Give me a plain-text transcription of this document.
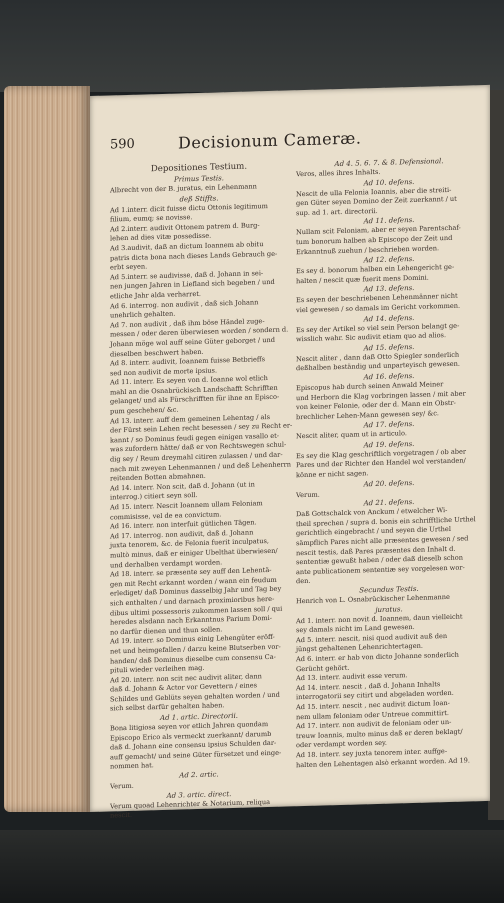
590	Decisionum Cameræ.
Depositiones Testium.
Primus Testis.
Albrecht von der B. juratus, ein Lehenmann
deß Stiffts.
Ad 1.interr. dicit fuisse dictu Ottonis legitimum
filium, eumq; se novisse.
Ad 2.interr. audivit Ottonem patrem d. Burg-
lehen ad dies vitæ possedisse.
Ad 3.audivit, daß an dictum Ioannem ab obitu
patris dicta bona nach dieses Lands Gebrauch ge-
erbt seyen.
Ad 5.interr. se audivisse, daß d. Johann in sei-
nen jungen Jahren in Liefland sich begeben / und
etliche Jahr alda verharret.
Ad 6. interrog. non audivit , daß sich Johann
unehrlich gehalten.
Ad 7. non audivit , daß ihm böse Händel zuge-
messen / oder deren überwiesen worden / sondern d.
Johann möge wol auff seine Güter geborget / und
dieselben beschwert haben.
Ad 8. interr. audivit, Ioannem fuisse Betbrieffs
sed non audivit de morte ipsius.
Ad 11. interr. Es seyen von d. Ioanne wol etlich
mahl an die Osnabrückisch Landschafft Schrifften
gelanget/ und als Fürschrifften für ihne an Episco-
pum geschehen/ &c.
Ad 13. interr. auff dem gemeinen Lehentag / als
der Fürst sein Lehen recht besessen / sey zu Recht er-
kannt / so Dominus feudi gegen einigen vasallo et-
was zufordern hätte/ daß er von Rechtswegen schul-
dig sey / Reum dreymahl citiren zulassen / und dar-
nach mit zweyen Lehenmannen / und deß Lehenherrn
reitenden Botten abmahnen.
Ad 14. interr. Non scit, daß d. Johann (ut in
interrog.) citiert seyn soll.
Ad 15. interr. Nescit Ioannem ullam Feloniam
commisisse, vel de ea convictum.
Ad 16. interr. non interfuit gütlichen Tägen.
Ad 17. interrog. non audivit, daß d. Johann
juxta tenorem, &c. de Felonia fuerit inculpatus,
multò minus, daß er einiger Ubelthat überwiesen/
und derhalben verdampt worden.
Ad 18. interr. se præsente sey auff den Lehentä-
gen mit Recht erkannt worden / wann ein feudum
erlediget/ daß Dominus dasselbig Jahr und Tag bey
sich enthalten / und darnach proximioribus here-
dibus ultimi possessoris zukommen lassen soll / qui
heredes alsdann nach Erkanntnus Parium Domi-
no darfür dienen und thun sollen.
Ad 19. interr. so Dominus einig Lehengüter eröff-
net und heimgefallen / darzu keine Blutserben vor-
handen/ daß Dominus dieselbe cum consensu Ca-
pituli wieder verleihen mag.
Ad 20. interr. non scit nec audivit aliter, dann
daß d. Johann & Actor vor Gevettern / eines
Schildes und Geblüts seyen gehalten worden / und
sich selbst darfür gehalten haben.
Ad 1. artic. Directorii.
Bona litigiosa seyen vor etlich Jahren quondam
Episcopo Erico als vermeckt zuerkannt/ darumb
daß d. Johann eine consensu ipsius Schulden dar-
auff gemacht/ und seine Güter fürsetzet und einge-
nommen hat.
Ad 2. artic.
Verum.
Ad 3. artic. direct.
Verum quoad Lehenrichter & Notarium, reliqua
nescit.
Ad 4. 5. 6. 7. & 8. Defensional.
Veros, alles ihres Inhalts.
Ad 10. defens.
Nescit de ulla Felonia Ioannis, aber die streiti-
gen Güter seyen Domino der Zeit zuerkannt / ut
sup. ad 1. art. directorii.
Ad 11. defens.
Nullam scit Feloniam, aber er seyen Parentschaf-
tum bonorum halben ab Episcopo der Zeit und
Erkanntnuß zuehun / beschrieben worden.
Ad 12. defens.
Es sey d. bonorum halben ein Lehengericht ge-
halten / nescit quæ fuerit mens Domini.
Ad 13. defens.
Es seyen der beschriebenen Lehenmänner nicht
viel gewesen / so damals im Gericht vorkommen.
Ad 14. defens.
Es sey der Artikel so viel sein Person belangt ge-
wisslich wahr. Sic audivit etiam quo ad alios.
Ad 15. defens.
Nescit aliter , dann daß Otto Spiegler sonderlich
deßhalben beständig und unparteyisch gewesen.
Ad 16. defens.
Episcopus hab durch seinen Anwald Meiner
und Herborn die Klag vorbringen lassen / mit aber
von keiner Felonie, oder der d. Mann ein Obstr-
brechlicher Lehen-Mann gewesen sey/ &c.
Ad 17. defens.
Nescit aliter, quam ut in articulo.
Ad 19. defens.
Es sey die Klag geschriftlich vorgetragen / ob aber
Pares und der Richter den Handel wol verstanden/
könne er nicht sagen.
Ad 20. defens.
Verum.
Ad 21. defens.
Daß Gottschalck von Anckum / etwelcher Wi-
theil sprechen / supra d. bonis ein schrifftliche Urthel
gerichtlich eingebracht / und seyen die Urthel
sämpflich Pares nicht alle præsentes gewesen / sed
nescit testis, daß Pares præsentes den Inhalt d.
sententiæ gewußt haben / oder daß dieselb schon
ante publicationem sententiæ sey vorgelesen wor-
den.
Secundus Testis.
Henrich von L. Osnabrückischer Lehenmanne
juratus.
Ad 1. interr. non novit d. Ioannem, daun vielleicht
sey damals nicht im Land gewesen.
Ad 5. interr. nescit, nisi quod audivit auß den
jüngst gehaltenen Lehenrichtertagen.
Ad 6. interr. er hab von dicto Johanne sonderlich
Gerücht gehört.
Ad 13. interr. audivit esse verum.
Ad 14. interr. nescit , daß d. Johann Inhalts
interrogatorii sey citirt und abgeladen worden.
Ad 15. interr. nescit , nec audivit dictum Ioan-
nem ullam feloniam oder Untreue committirt.
Ad 17. interr. non audivit de feloniam oder un-
treuw Ioannis, multo minus daß er deren beklagt/
oder verdampt worden sey.
Ad 18. interr. sey juxta tenorem inter. auffge-
halten den Lehentagen alsò erkannt worden. Ad 19.
